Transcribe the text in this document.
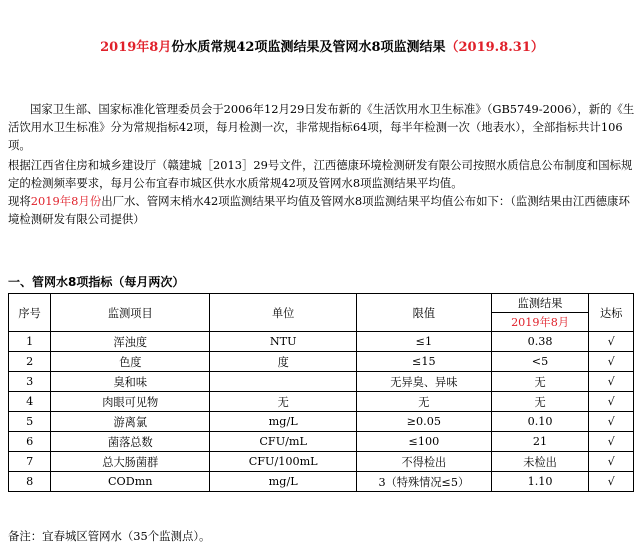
2019年8月份水质常规42项监测结果及管网水8项监测结果（2019.8.31）

国家卫生部、国家标准化管理委员会于2006年12月29日发布新的《生活饮用水卫生标准》（GB5749-2006），新的《生活饮用水卫生标准》分为常规指标42项，每月检测一次，非常规指标64项，每半年检测一次（地表水），全部指标共计106项。

根据江西省住房和城乡建设厅（赣建城［2013］29号文件，江西德康环境检测研发有限公司按照水质信息公布制度和国标规定的检测频率要求，每月公布宜春市城区供水水质常规42项及管网水8项监测结果平均值。

现将2019年8月份出厂水、管网末梢水42项监测结果平均值及管网水8项监测结果平均值公布如下：（监测结果由江西德康环境检测研发有限公司提供）

一、管网水8项指标（每月两次）
序号	监测项目	单位	限值	监测结果	达标
				2019年8月	
1	浑浊度	NTU	≤1	0.38	√
2	色度	度	≤15	<5	√
3	臭和味		无异臭、异味	无	√
4	肉眼可见物	无	无	无	√
5	游离氯	mg/L	≥0.05	0.10	√
6	菌落总数	CFU/mL	≤100	21	√
7	总大肠菌群	CFU/100mL	不得检出	未检出	√
8	CODmn	mg/L	3（特殊情况≤5）	1.10	√
备注：宜春城区管网水（35个监测点）。
